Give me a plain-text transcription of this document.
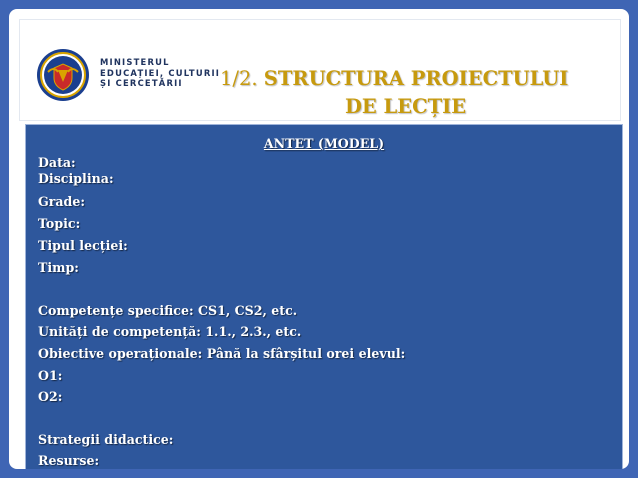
MINISTERUL
EDUCAȚIEI, CULTURII
ȘI CERCETĂRII	1/2. STRUCTURA PROIECTULUI
DE LECȚIE
ANTET (MODEL)
Data:
Disciplina:
Grade:
Topic:
Tipul lecției:
Timp:
Competențe specifice: CS1, CS2, etc.
Unități de competență: 1.1., 2.3., etc.
Obiective operaționale: Până la sfârșitul orei elevul:
O1:
O2:
Strategii didactice:
Resurse:
